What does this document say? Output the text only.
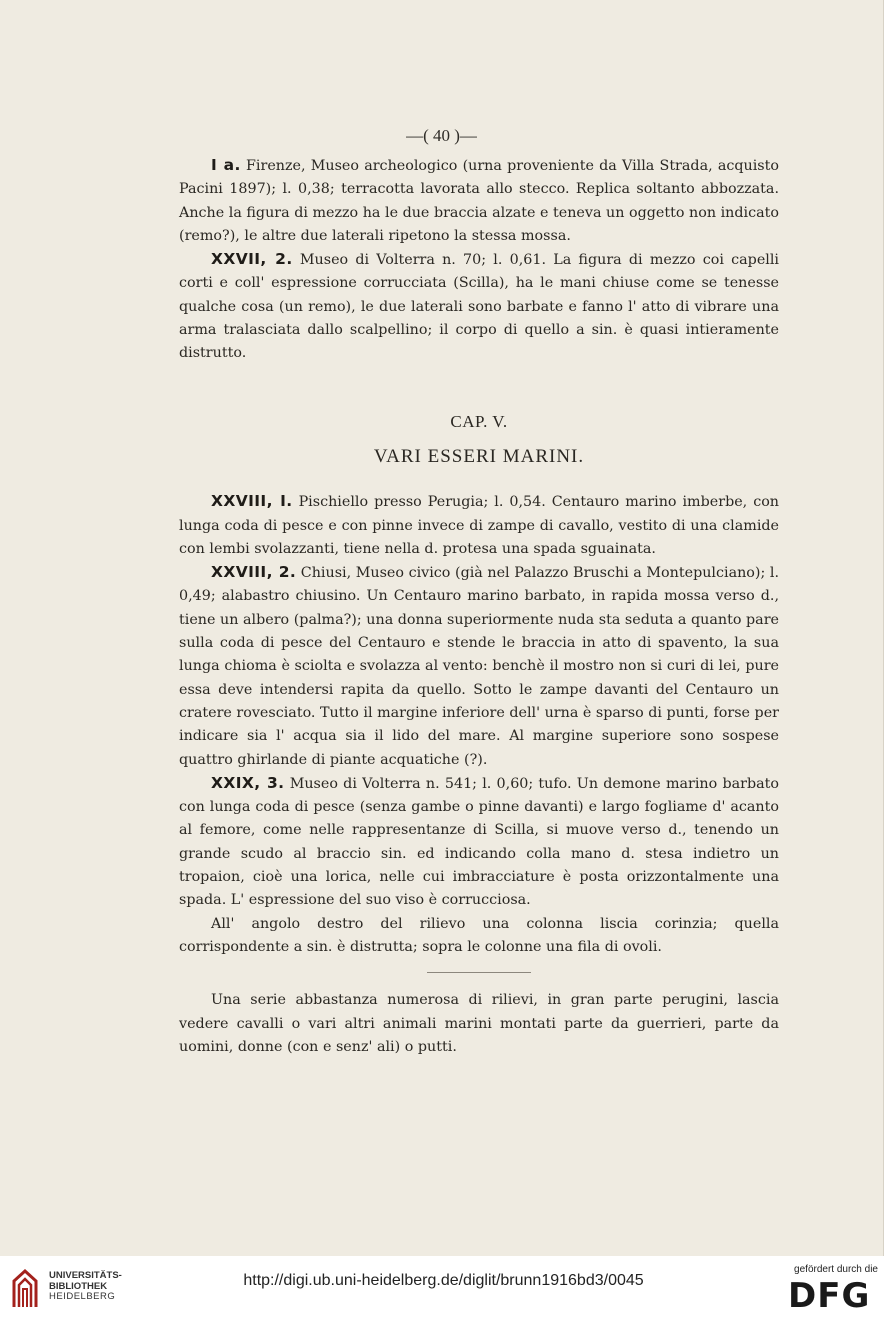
—( 40 )—

I a. Firenze, Museo archeologico (urna proveniente da Villa Strada, acquisto Pacini 1897); l. 0,38; terracotta lavorata allo stecco. Replica soltanto abbozzata. Anche la figura di mezzo ha le due braccia alzate e teneva un oggetto non indicato (remo?), le altre due laterali ripetono la stessa mossa.

XXVII, 2. Museo di Volterra n. 70; l. 0,61. La figura di mezzo coi capelli corti e coll' espressione corrucciata (Scilla), ha le mani chiuse come se tenesse qualche cosa (un remo), le due laterali sono barbate e fanno l' atto di vibrare una arma tralasciata dallo scalpellino; il corpo di quello a sin. è quasi intieramente distrutto.

CAP. V.

VARI ESSERI MARINI.

XXVIII, I. Pischiello presso Perugia; l. 0,54. Centauro marino imberbe, con lunga coda di pesce e con pinne invece di zampe di cavallo, vestito di una clamide con lembi svolazzanti, tiene nella d. protesa una spada sguainata.

XXVIII, 2. Chiusi, Museo civico (già nel Palazzo Bruschi a Montepulciano); l. 0,49; alabastro chiusino. Un Centauro marino barbato, in rapida mossa verso d., tiene un albero (palma?); una donna superiormente nuda sta seduta a quanto pare sulla coda di pesce del Centauro e stende le braccia in atto di spavento, la sua lunga chioma è sciolta e svolazza al vento: benchè il mostro non si curi di lei, pure essa deve intendersi rapita da quello. Sotto le zampe davanti del Centauro un cratere rovesciato. Tutto il margine inferiore dell' urna è sparso di punti, forse per indicare sia l' acqua sia il lido del mare. Al margine superiore sono sospese quattro ghirlande di piante acquatiche (?).

XXIX, 3. Museo di Volterra n. 541; l. 0,60; tufo. Un demone marino barbato con lunga coda di pesce (senza gambe o pinne davanti) e largo fogliame d' acanto al femore, come nelle rappresentanze di Scilla, si muove verso d., tenendo un grande scudo al braccio sin. ed indicando colla mano d. stesa indietro un tropaion, cioè una lorica, nelle cui imbracciature è posta orizzontalmente una spada. L' espressione del suo viso è corrucciosa.

All' angolo destro del rilievo una colonna liscia corinzia; quella corrispondente a sin. è distrutta; sopra le colonne una fila di ovoli.

Una serie abbastanza numerosa di rilievi, in gran parte perugini, lascia vedere cavalli o vari altri animali marini montati parte da guerrieri, parte da uomini, donne (con e senz' ali) o putti.

UNIVERSITÄTS-
BIBLIOTHEK
HEIDELBERG
http://digi.ub.uni-heidelberg.de/diglit/brunn1916bd3/0045
gefördert durch die
DFG
